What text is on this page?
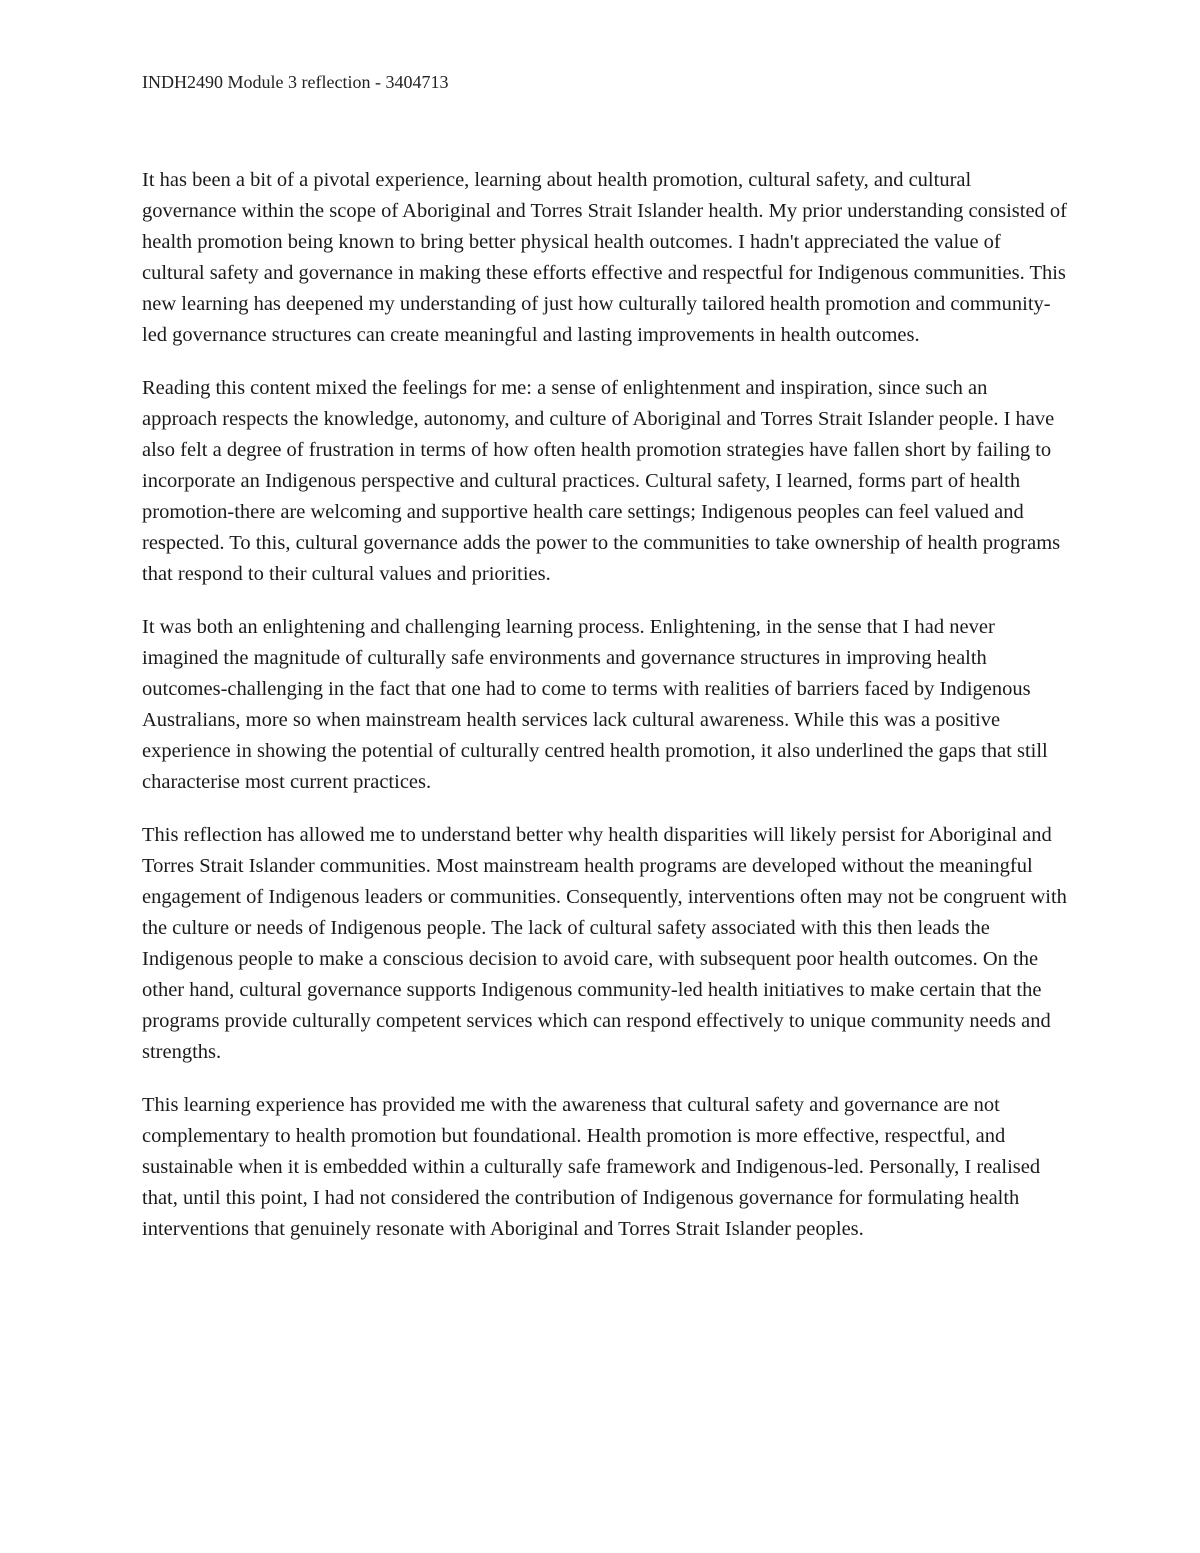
INDH2490 Module 3 reflection - 3404713

It has been a bit of a pivotal experience, learning about health promotion, cultural safety, and cultural governance within the scope of Aboriginal and Torres Strait Islander health. My prior understanding consisted of health promotion being known to bring better physical health outcomes. I hadn't appreciated the value of cultural safety and governance in making these efforts effective and respectful for Indigenous communities. This new learning has deepened my understanding of just how culturally tailored health promotion and community-led governance structures can create meaningful and lasting improvements in health outcomes.

Reading this content mixed the feelings for me: a sense of enlightenment and inspiration, since such an approach respects the knowledge, autonomy, and culture of Aboriginal and Torres Strait Islander people. I have also felt a degree of frustration in terms of how often health promotion strategies have fallen short by failing to incorporate an Indigenous perspective and cultural practices. Cultural safety, I learned, forms part of health promotion-there are welcoming and supportive health care settings; Indigenous peoples can feel valued and respected. To this, cultural governance adds the power to the communities to take ownership of health programs that respond to their cultural values and priorities.

It was both an enlightening and challenging learning process. Enlightening, in the sense that I had never imagined the magnitude of culturally safe environments and governance structures in improving health outcomes-challenging in the fact that one had to come to terms with realities of barriers faced by Indigenous Australians, more so when mainstream health services lack cultural awareness. While this was a positive experience in showing the potential of culturally centred health promotion, it also underlined the gaps that still characterise most current practices.

This reflection has allowed me to understand better why health disparities will likely persist for Aboriginal and Torres Strait Islander communities. Most mainstream health programs are developed without the meaningful engagement of Indigenous leaders or communities. Consequently, interventions often may not be congruent with the culture or needs of Indigenous people. The lack of cultural safety associated with this then leads the Indigenous people to make a conscious decision to avoid care, with subsequent poor health outcomes. On the other hand, cultural governance supports Indigenous community-led health initiatives to make certain that the programs provide culturally competent services which can respond effectively to unique community needs and strengths.

This learning experience has provided me with the awareness that cultural safety and governance are not complementary to health promotion but foundational. Health promotion is more effective, respectful, and sustainable when it is embedded within a culturally safe framework and Indigenous-led. Personally, I realised that, until this point, I had not considered the contribution of Indigenous governance for formulating health interventions that genuinely resonate with Aboriginal and Torres Strait Islander peoples.
